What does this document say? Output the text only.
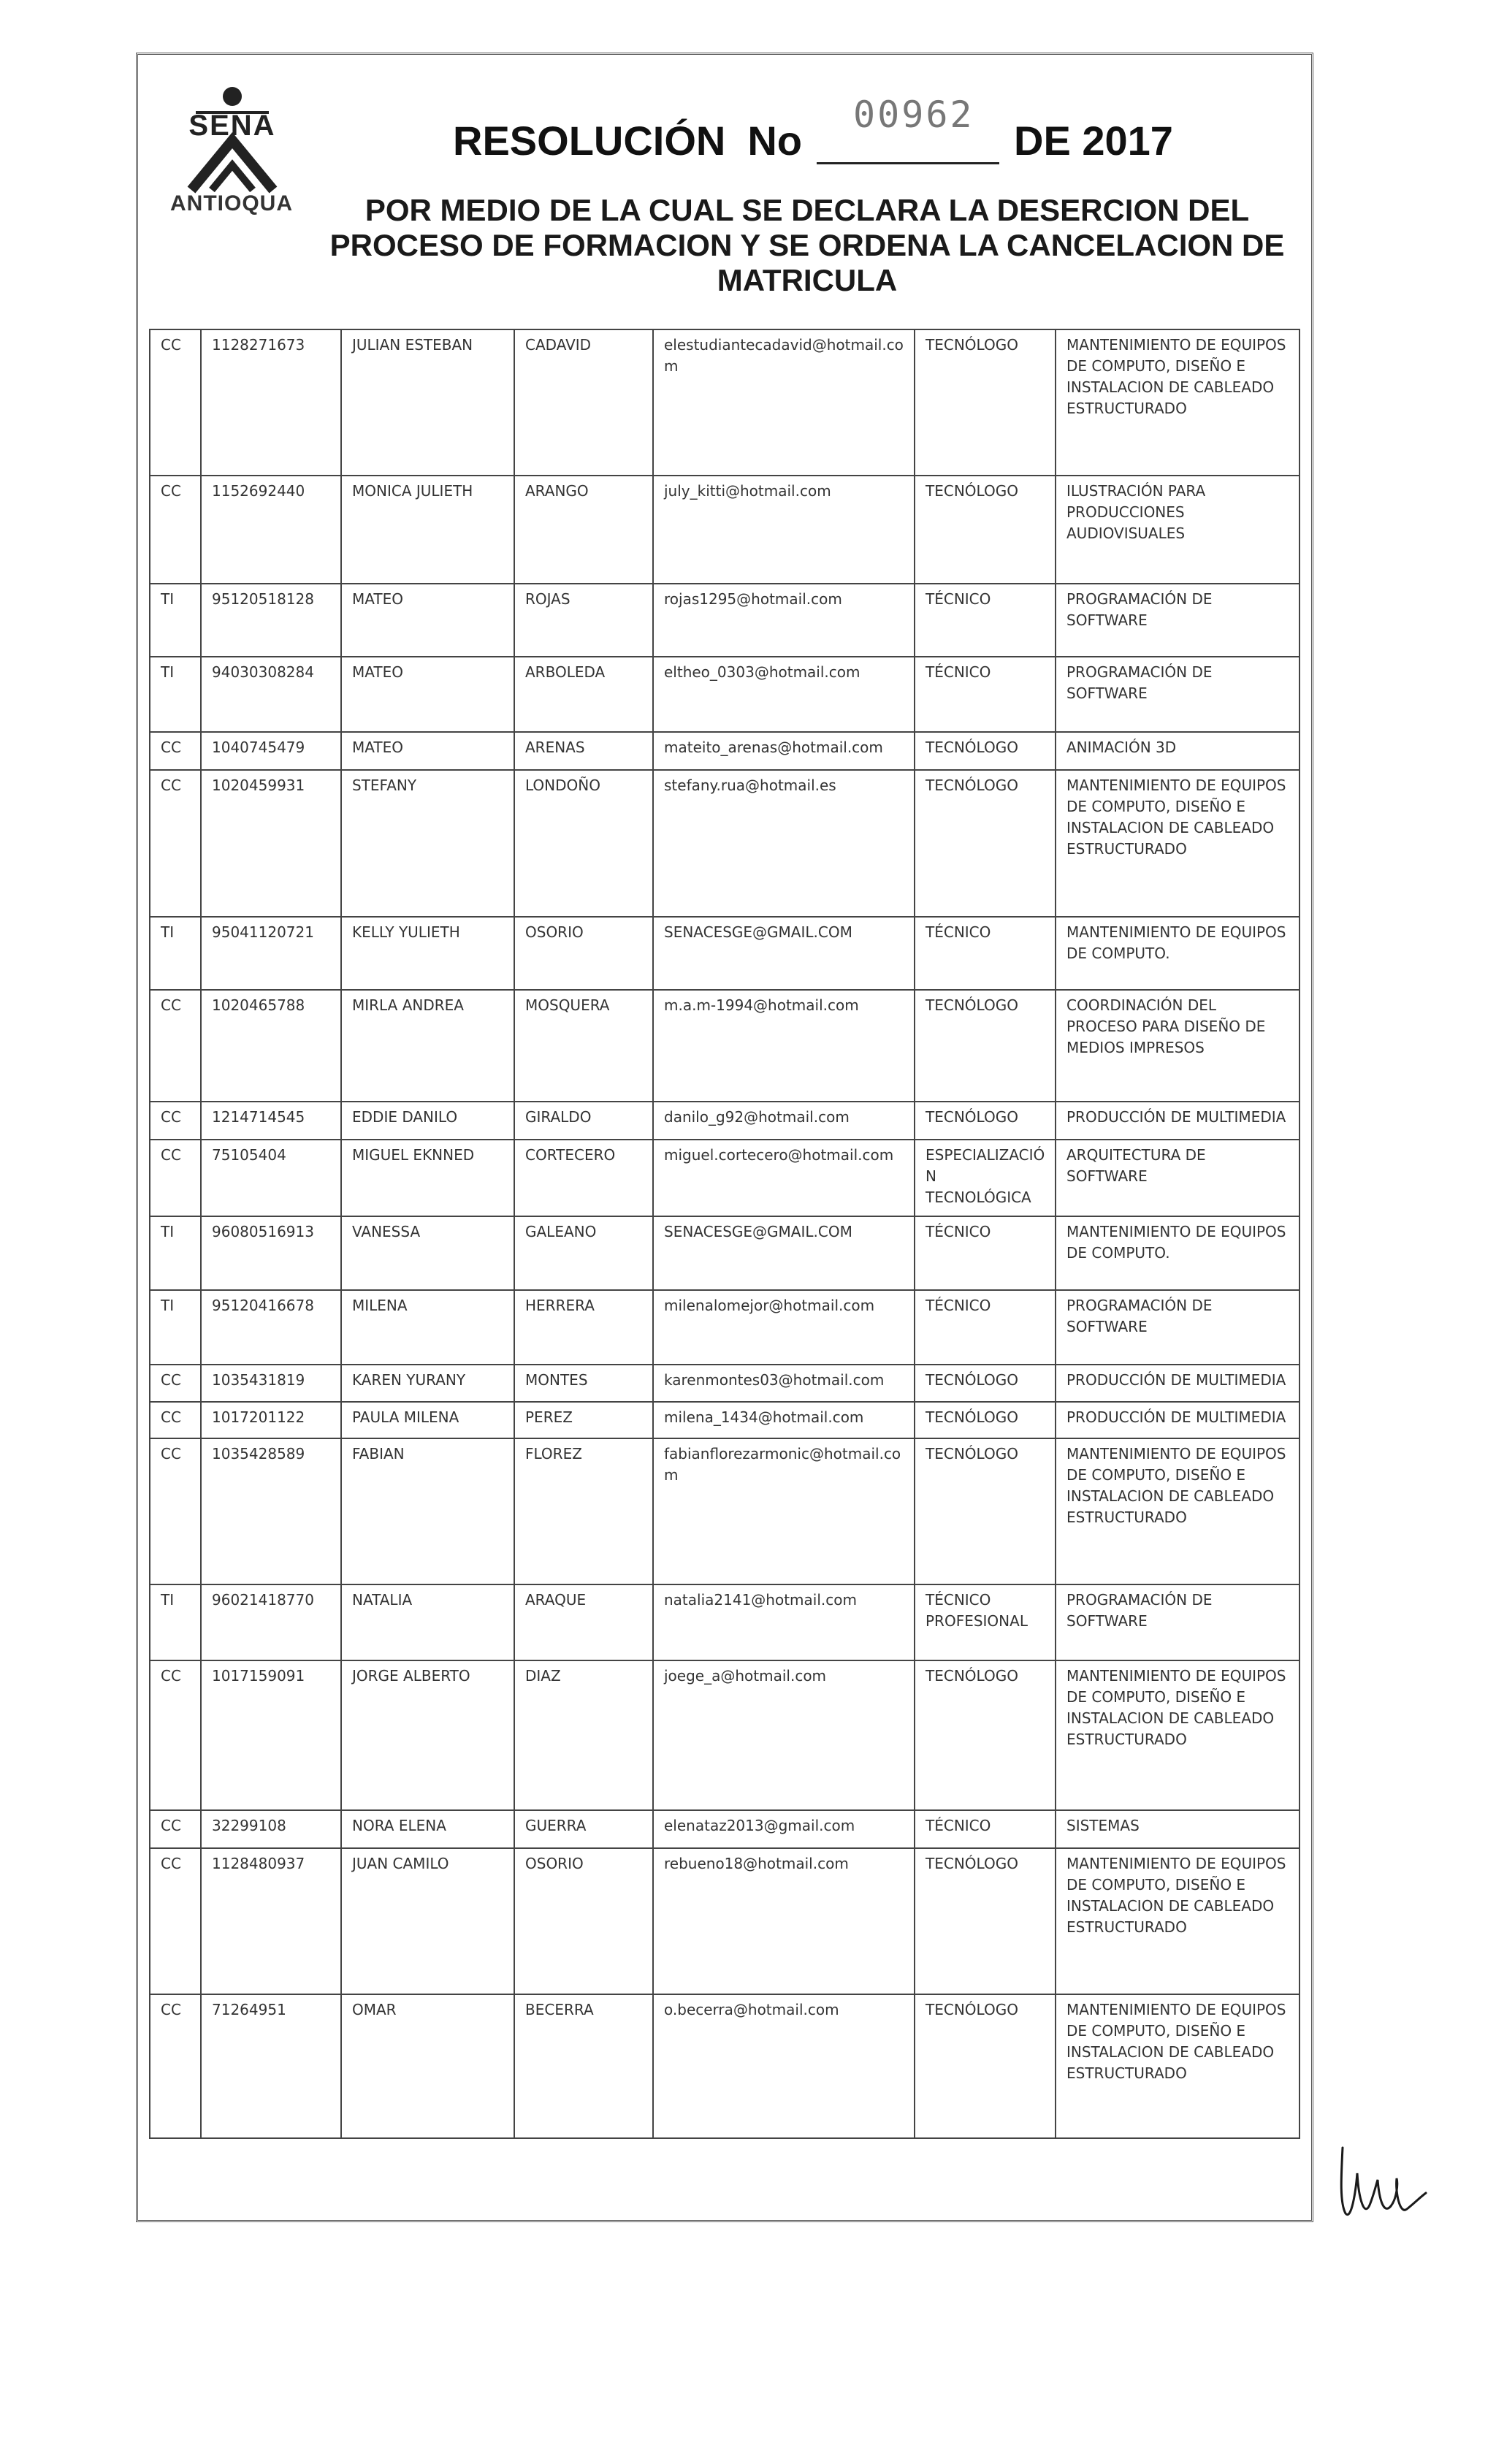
SENA
ANTIOQUA
RESOLUCIÓN No
00962
DE 2017
POR MEDIO DE LA CUAL SE DECLARA LA DESERCION DEL PROCESO DE FORMACION Y SE ORDENA LA CANCELACION DE MATRICULA
CC	1128271673	JULIAN ESTEBAN	CADAVID	elestudiantecadavid@hotmail.com	TECNÓLOGO	MANTENIMIENTO DE EQUIPOS DE COMPUTO, DISEÑO E INSTALACION DE CABLEADO ESTRUCTURADO
CC	1152692440	MONICA JULIETH	ARANGO	july_kitti@hotmail.com	TECNÓLOGO	ILUSTRACIÓN PARA PRODUCCIONES AUDIOVISUALES
TI	95120518128	MATEO	ROJAS	rojas1295@hotmail.com	TÉCNICO	PROGRAMACIÓN DE SOFTWARE
TI	94030308284	MATEO	ARBOLEDA	eltheo_0303@hotmail.com	TÉCNICO	PROGRAMACIÓN DE SOFTWARE
CC	1040745479	MATEO	ARENAS	mateito_arenas@hotmail.com	TECNÓLOGO	ANIMACIÓN 3D
CC	1020459931	STEFANY	LONDOÑO	stefany.rua@hotmail.es	TECNÓLOGO	MANTENIMIENTO DE EQUIPOS DE COMPUTO, DISEÑO E INSTALACION DE CABLEADO ESTRUCTURADO
TI	95041120721	KELLY YULIETH	OSORIO	SENACESGE@GMAIL.COM	TÉCNICO	MANTENIMIENTO DE EQUIPOS DE COMPUTO.
CC	1020465788	MIRLA ANDREA	MOSQUERA	m.a.m-1994@hotmail.com	TECNÓLOGO	COORDINACIÓN DEL PROCESO PARA DISEÑO DE MEDIOS IMPRESOS
CC	1214714545	EDDIE DANILO	GIRALDO	danilo_g92@hotmail.com	TECNÓLOGO	PRODUCCIÓN DE MULTIMEDIA
CC	75105404	MIGUEL EKNNED	CORTECERO	miguel.cortecero@hotmail.com	ESPECIALIZACIÓN TECNOLÓGICA	ARQUITECTURA DE SOFTWARE
TI	96080516913	VANESSA	GALEANO	SENACESGE@GMAIL.COM	TÉCNICO	MANTENIMIENTO DE EQUIPOS DE COMPUTO.
TI	95120416678	MILENA	HERRERA	milenalomejor@hotmail.com	TÉCNICO	PROGRAMACIÓN DE SOFTWARE
CC	1035431819	KAREN YURANY	MONTES	karenmontes03@hotmail.com	TECNÓLOGO	PRODUCCIÓN DE MULTIMEDIA
CC	1017201122	PAULA MILENA	PEREZ	milena_1434@hotmail.com	TECNÓLOGO	PRODUCCIÓN DE MULTIMEDIA
CC	1035428589	FABIAN	FLOREZ	fabianflorezarmonic@hotmail.com	TECNÓLOGO	MANTENIMIENTO DE EQUIPOS DE COMPUTO, DISEÑO E INSTALACION DE CABLEADO ESTRUCTURADO
TI	96021418770	NATALIA	ARAQUE	natalia2141@hotmail.com	TÉCNICO PROFESIONAL	PROGRAMACIÓN DE SOFTWARE
CC	1017159091	JORGE ALBERTO	DIAZ	joege_a@hotmail.com	TECNÓLOGO	MANTENIMIENTO DE EQUIPOS DE COMPUTO, DISEÑO E INSTALACION DE CABLEADO ESTRUCTURADO
CC	32299108	NORA ELENA	GUERRA	elenataz2013@gmail.com	TÉCNICO	SISTEMAS
CC	1128480937	JUAN CAMILO	OSORIO	rebueno18@hotmail.com	TECNÓLOGO	MANTENIMIENTO DE EQUIPOS DE COMPUTO, DISEÑO E INSTALACION DE CABLEADO ESTRUCTURADO
CC	71264951	OMAR	BECERRA	o.becerra@hotmail.com	TECNÓLOGO	MANTENIMIENTO DE EQUIPOS DE COMPUTO, DISEÑO E INSTALACION DE CABLEADO ESTRUCTURADO
